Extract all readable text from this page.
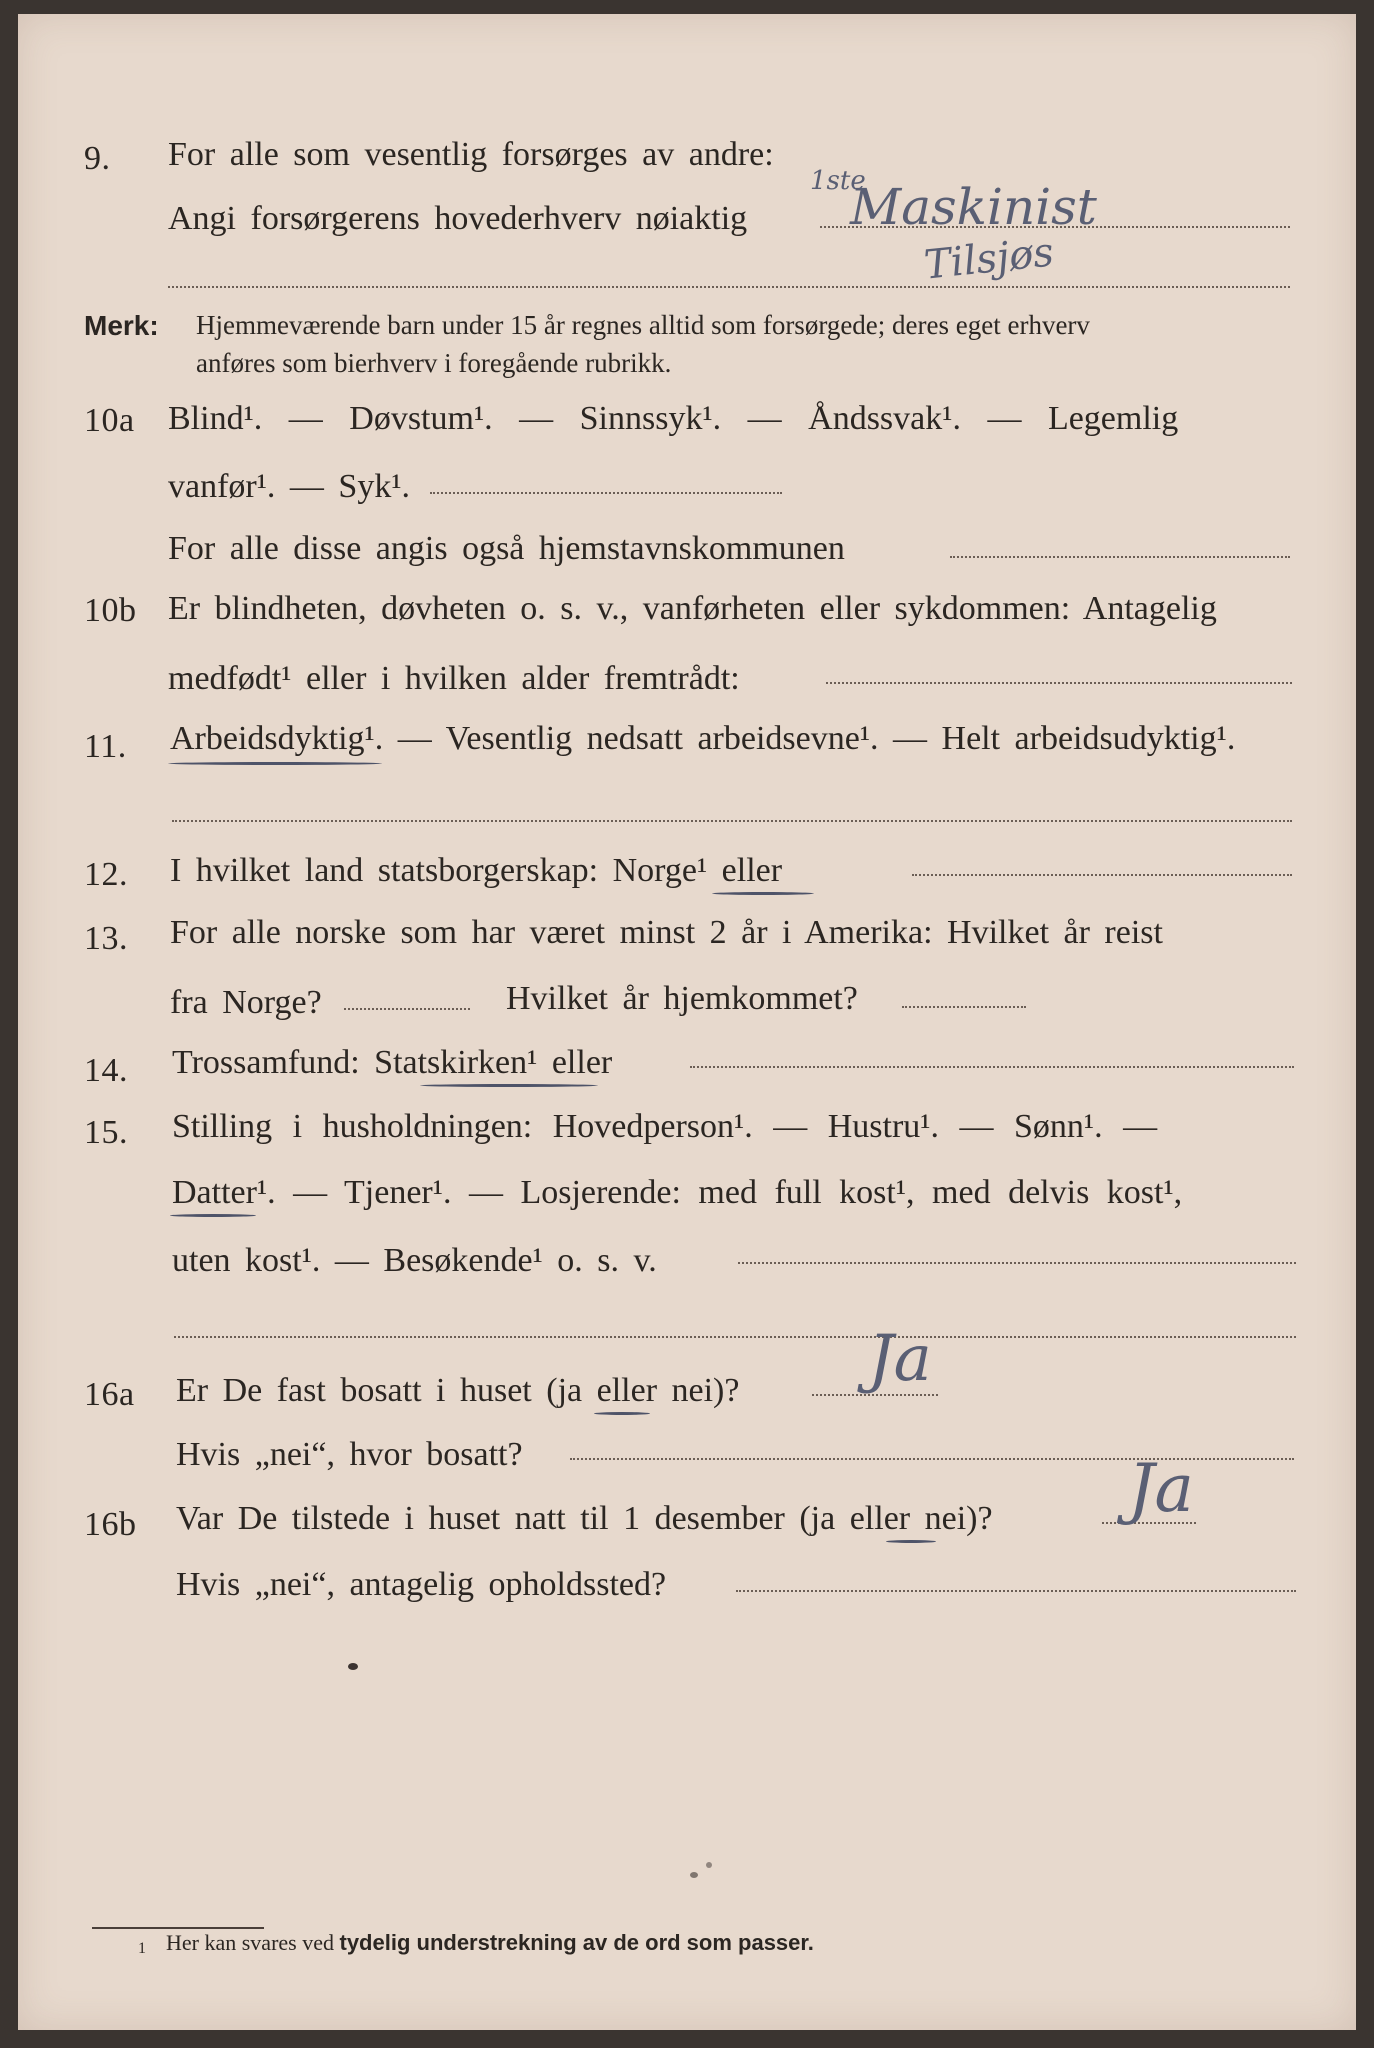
9. For alle som vesentlig forsørges av andre:
Angi forsørgerens hovederhverv nøiaktig
1ste
Maskinist
Tilsjøs
Merk: Hjemmeværende barn under 15 år regnes alltid som forsørgede; deres eget erhverv
anføres som bierhverv i foregående rubrikk.
10a Blind¹. — Døvstum¹. — Sinnssyk¹. — Åndssvak¹. — Legemlig
vanfør¹. — Syk¹.
For alle disse angis også hjemstavnskommunen
10b Er blindheten, døvheten o. s. v., vanførheten eller sykdommen: Antagelig
medfødt¹ eller i hvilken alder fremtrådt:
11. Arbeidsdyktig¹. — Vesentlig nedsatt arbeidsevne¹. — Helt arbeidsudyktig¹.
12. I hvilket land statsborgerskap: Norge¹ eller
13. For alle norske som har været minst 2 år i Amerika: Hvilket år reist
fra Norge?	Hvilket år hjemkommet?
14. Trossamfund: Statskirken¹ eller
15. Stilling i husholdningen: Hovedperson¹. — Hustru¹. — Sønn¹. —
Datter¹. — Tjener¹. — Losjerende: med full kost¹, med delvis kost¹,
uten kost¹. — Besøkende¹ o. s. v.
16a Er De fast bosatt i huset (ja eller nei)? Ja
Hvis „nei“, hvor bosatt?
16b Var De tilstede i huset natt til 1 desember (ja eller nei)? Ja
Hvis „nei“, antagelig opholdssted?
1 Her kan svares ved tydelig understrekning av de ord som passer.
